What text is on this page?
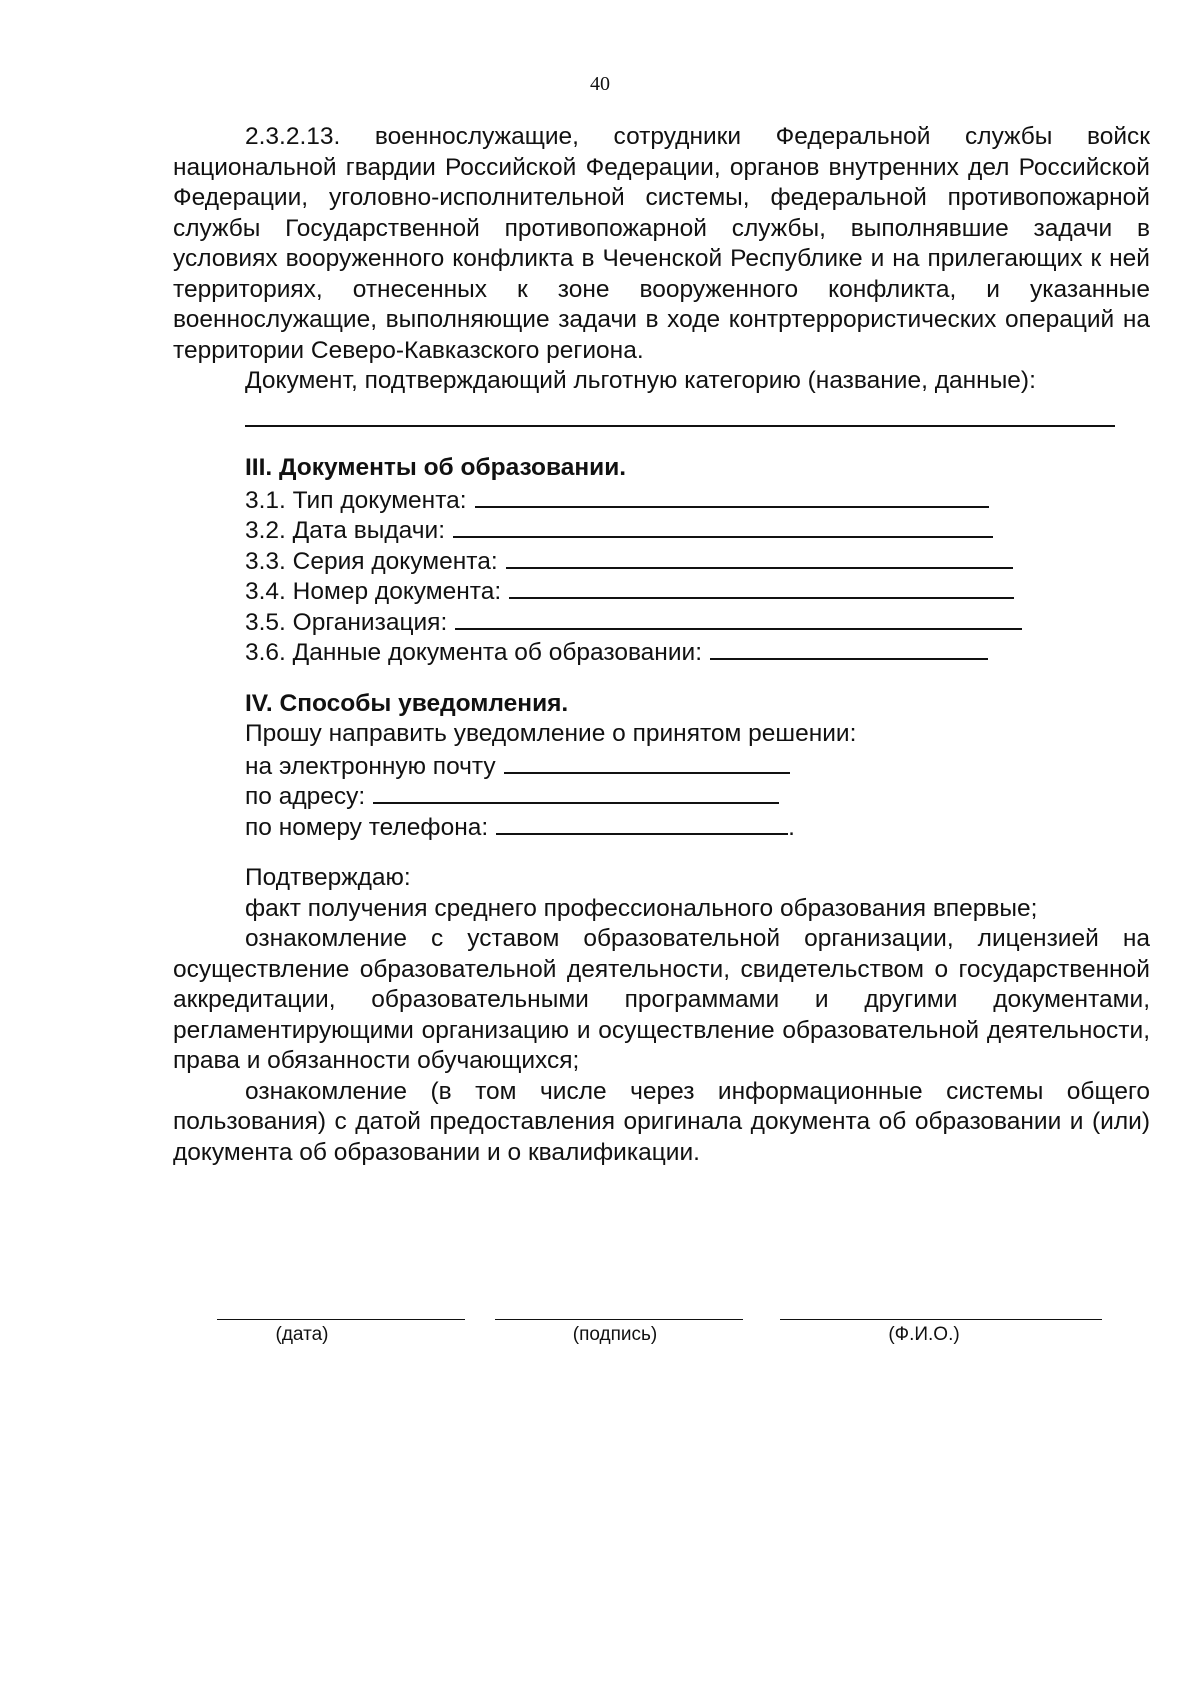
40

2.3.2.13. военнослужащие, сотрудники Федеральной службы войск национальной гвардии Российской Федерации, органов внутренних дел Российской Федерации, уголовно-исполнительной системы, федеральной противопожарной службы Государственной противопожарной службы, выполнявшие задачи в условиях вооруженного конфликта в Чеченской Республике и на прилегающих к ней территориях, отнесенных к зоне вооруженного конфликта, и указанные военнослужащие, выполняющие задачи в ходе контртеррористических операций на территории Северо-Кавказского региона.

Документ, подтверждающий льготную категорию (название, данные):

III. Документы об образовании.

3.1. Тип документа:
3.2. Дата выдачи:
3.3. Серия документа:
3.4. Номер документа:
3.5. Организация:
3.6. Данные документа об образовании:

IV. Способы уведомления.

Прошу направить уведомление о принятом решении:

на электронную почту
по адресу:
по номеру телефона:	.

Подтверждаю:

факт получения среднего профессионального образования впервые;

ознакомление с уставом образовательной организации, лицензией на осуществление образовательной деятельности, свидетельством о государственной аккредитации, образовательными программами и другими документами, регламентирующими организацию и осуществление образовательной деятельности, права и обязанности обучающихся;

ознакомление (в том числе через информационные системы общего пользования) с датой предоставления оригинала документа об образовании и (или) документа об образовании и о квалификации.

(дата)	(подпись)	(Ф.И.О.)
